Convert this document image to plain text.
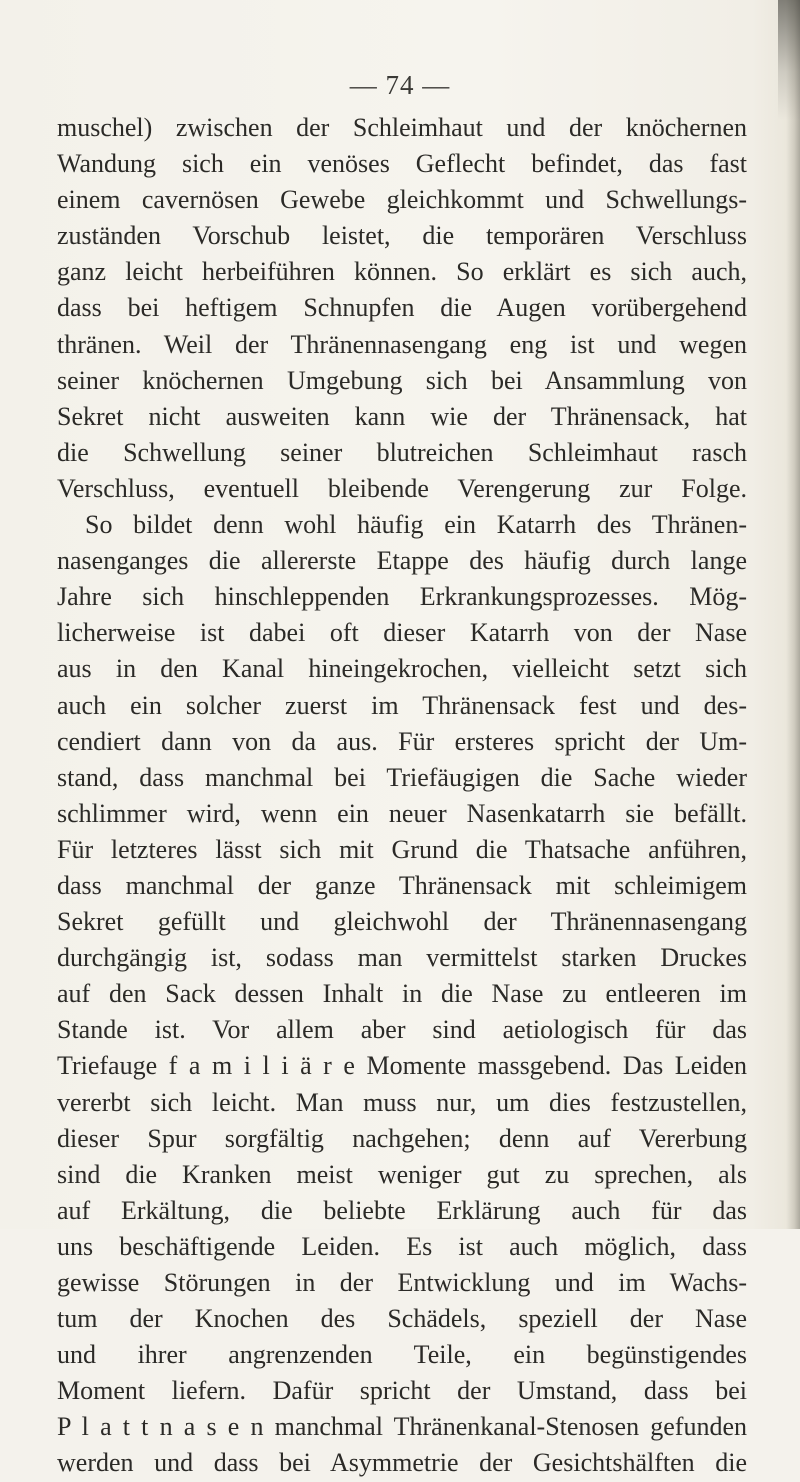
— 74 —
muschel) zwischen der Schleimhaut und der knöchernen
Wandung sich ein venöses Geflecht befindet, das fast
einem cavernösen Gewebe gleichkommt und Schwellungs-
zuständen Vorschub leistet, die temporären Verschluss
ganz leicht herbeiführen können. So erklärt es sich auch,
dass bei heftigem Schnupfen die Augen vorübergehend
thränen. Weil der Thränennasengang eng ist und wegen
seiner knöchernen Umgebung sich bei Ansammlung von
Sekret nicht ausweiten kann wie der Thränensack, hat
die Schwellung seiner blutreichen Schleimhaut rasch
Verschluss, eventuell bleibende Verengerung zur Folge.
So bildet denn wohl häufig ein Katarrh des Thränen-
nasenganges die allererste Etappe des häufig durch lange
Jahre sich hinschleppenden Erkrankungsprozesses. Mög-
licherweise ist dabei oft dieser Katarrh von der Nase
aus in den Kanal hineingekrochen, vielleicht setzt sich
auch ein solcher zuerst im Thränensack fest und des-
cendiert dann von da aus. Für ersteres spricht der Um-
stand, dass manchmal bei Triefäugigen die Sache wieder
schlimmer wird, wenn ein neuer Nasenkatarrh sie befällt.
Für letzteres lässt sich mit Grund die Thatsache anführen,
dass manchmal der ganze Thränensack mit schleimigem
Sekret gefüllt und gleichwohl der Thränennasengang
durchgängig ist, sodass man vermittelst starken Druckes
auf den Sack dessen Inhalt in die Nase zu entleeren im
Stande ist. Vor allem aber sind aetiologisch für das
Triefauge f a m i l i ä r e Momente massgebend. Das Leiden
vererbt sich leicht. Man muss nur, um dies festzustellen,
dieser Spur sorgfältig nachgehen; denn auf Vererbung
sind die Kranken meist weniger gut zu sprechen, als
auf Erkältung, die beliebte Erklärung auch für das
uns beschäftigende Leiden. Es ist auch möglich, dass
gewisse Störungen in der Entwicklung und im Wachs-
tum der Knochen des Schädels, speziell der Nase
und ihrer angrenzenden Teile, ein begünstigendes
Moment liefern. Dafür spricht der Umstand, dass bei
P l a t t n a s e n manchmal Thränenkanal-Stenosen gefunden
werden und dass bei Asymmetrie der Gesichtshälften die
